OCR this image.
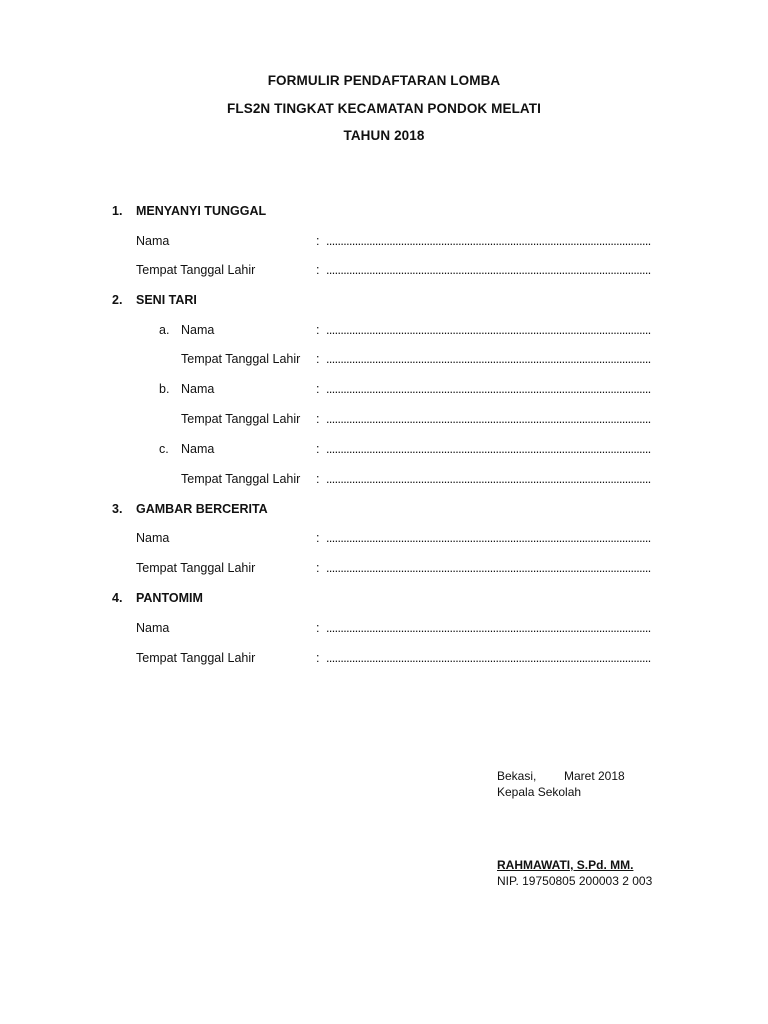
FORMULIR PENDAFTARAN LOMBA
FLS2N TINGKAT KECAMATAN PONDOK MELATI
TAHUN 2018
1. MENYANYI TUNGGAL
Nama	: .................................................................................................................
Tempat Tanggal Lahir	: .................................................................................................................
2. SENI TARI
a. Nama	: .................................................................................................................
Tempat Tanggal Lahir : .................................................................................................................
b. Nama	: .................................................................................................................
Tempat Tanggal Lahir : .................................................................................................................
c. Nama	: .................................................................................................................
Tempat Tanggal Lahir : .................................................................................................................
3. GAMBAR BERCERITA
Nama	: .................................................................................................................
Tempat Tanggal Lahir	: .................................................................................................................
4. PANTOMIM
Nama	: .................................................................................................................
Tempat Tanggal Lahir	: .................................................................................................................
Bekasi, Maret 2018
Kepala Sekolah
RAHMAWATI, S.Pd. MM.
NIP. 19750805 200003 2 003
